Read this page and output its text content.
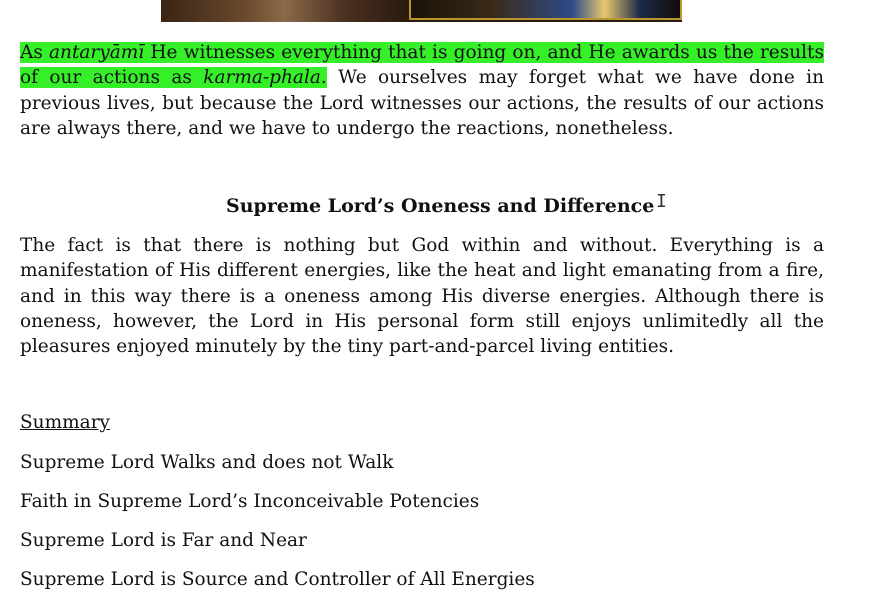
As antaryāmī He witnesses everything that is going on, and He awards us the results of our actions as karma-phala. We ourselves may forget what we have done in previous lives, but because the Lord witnesses our actions, the results of our actions are always there, and we have to undergo the reactions, nonetheless.

Supreme Lord’s Oneness and Difference I

The fact is that there is nothing but God within and without. Everything is a manifestation of His different energies, like the heat and light emanating from a fire, and in this way there is a oneness among His diverse energies. Although there is oneness, however, the Lord in His personal form still enjoys unlimitedly all the pleasures enjoyed minutely by the tiny part-and-parcel living entities.

Summary

Supreme Lord Walks and does not Walk

Faith in Supreme Lord’s Inconceivable Potencies

Supreme Lord is Far and Near

Supreme Lord is Source and Controller of All Energies
